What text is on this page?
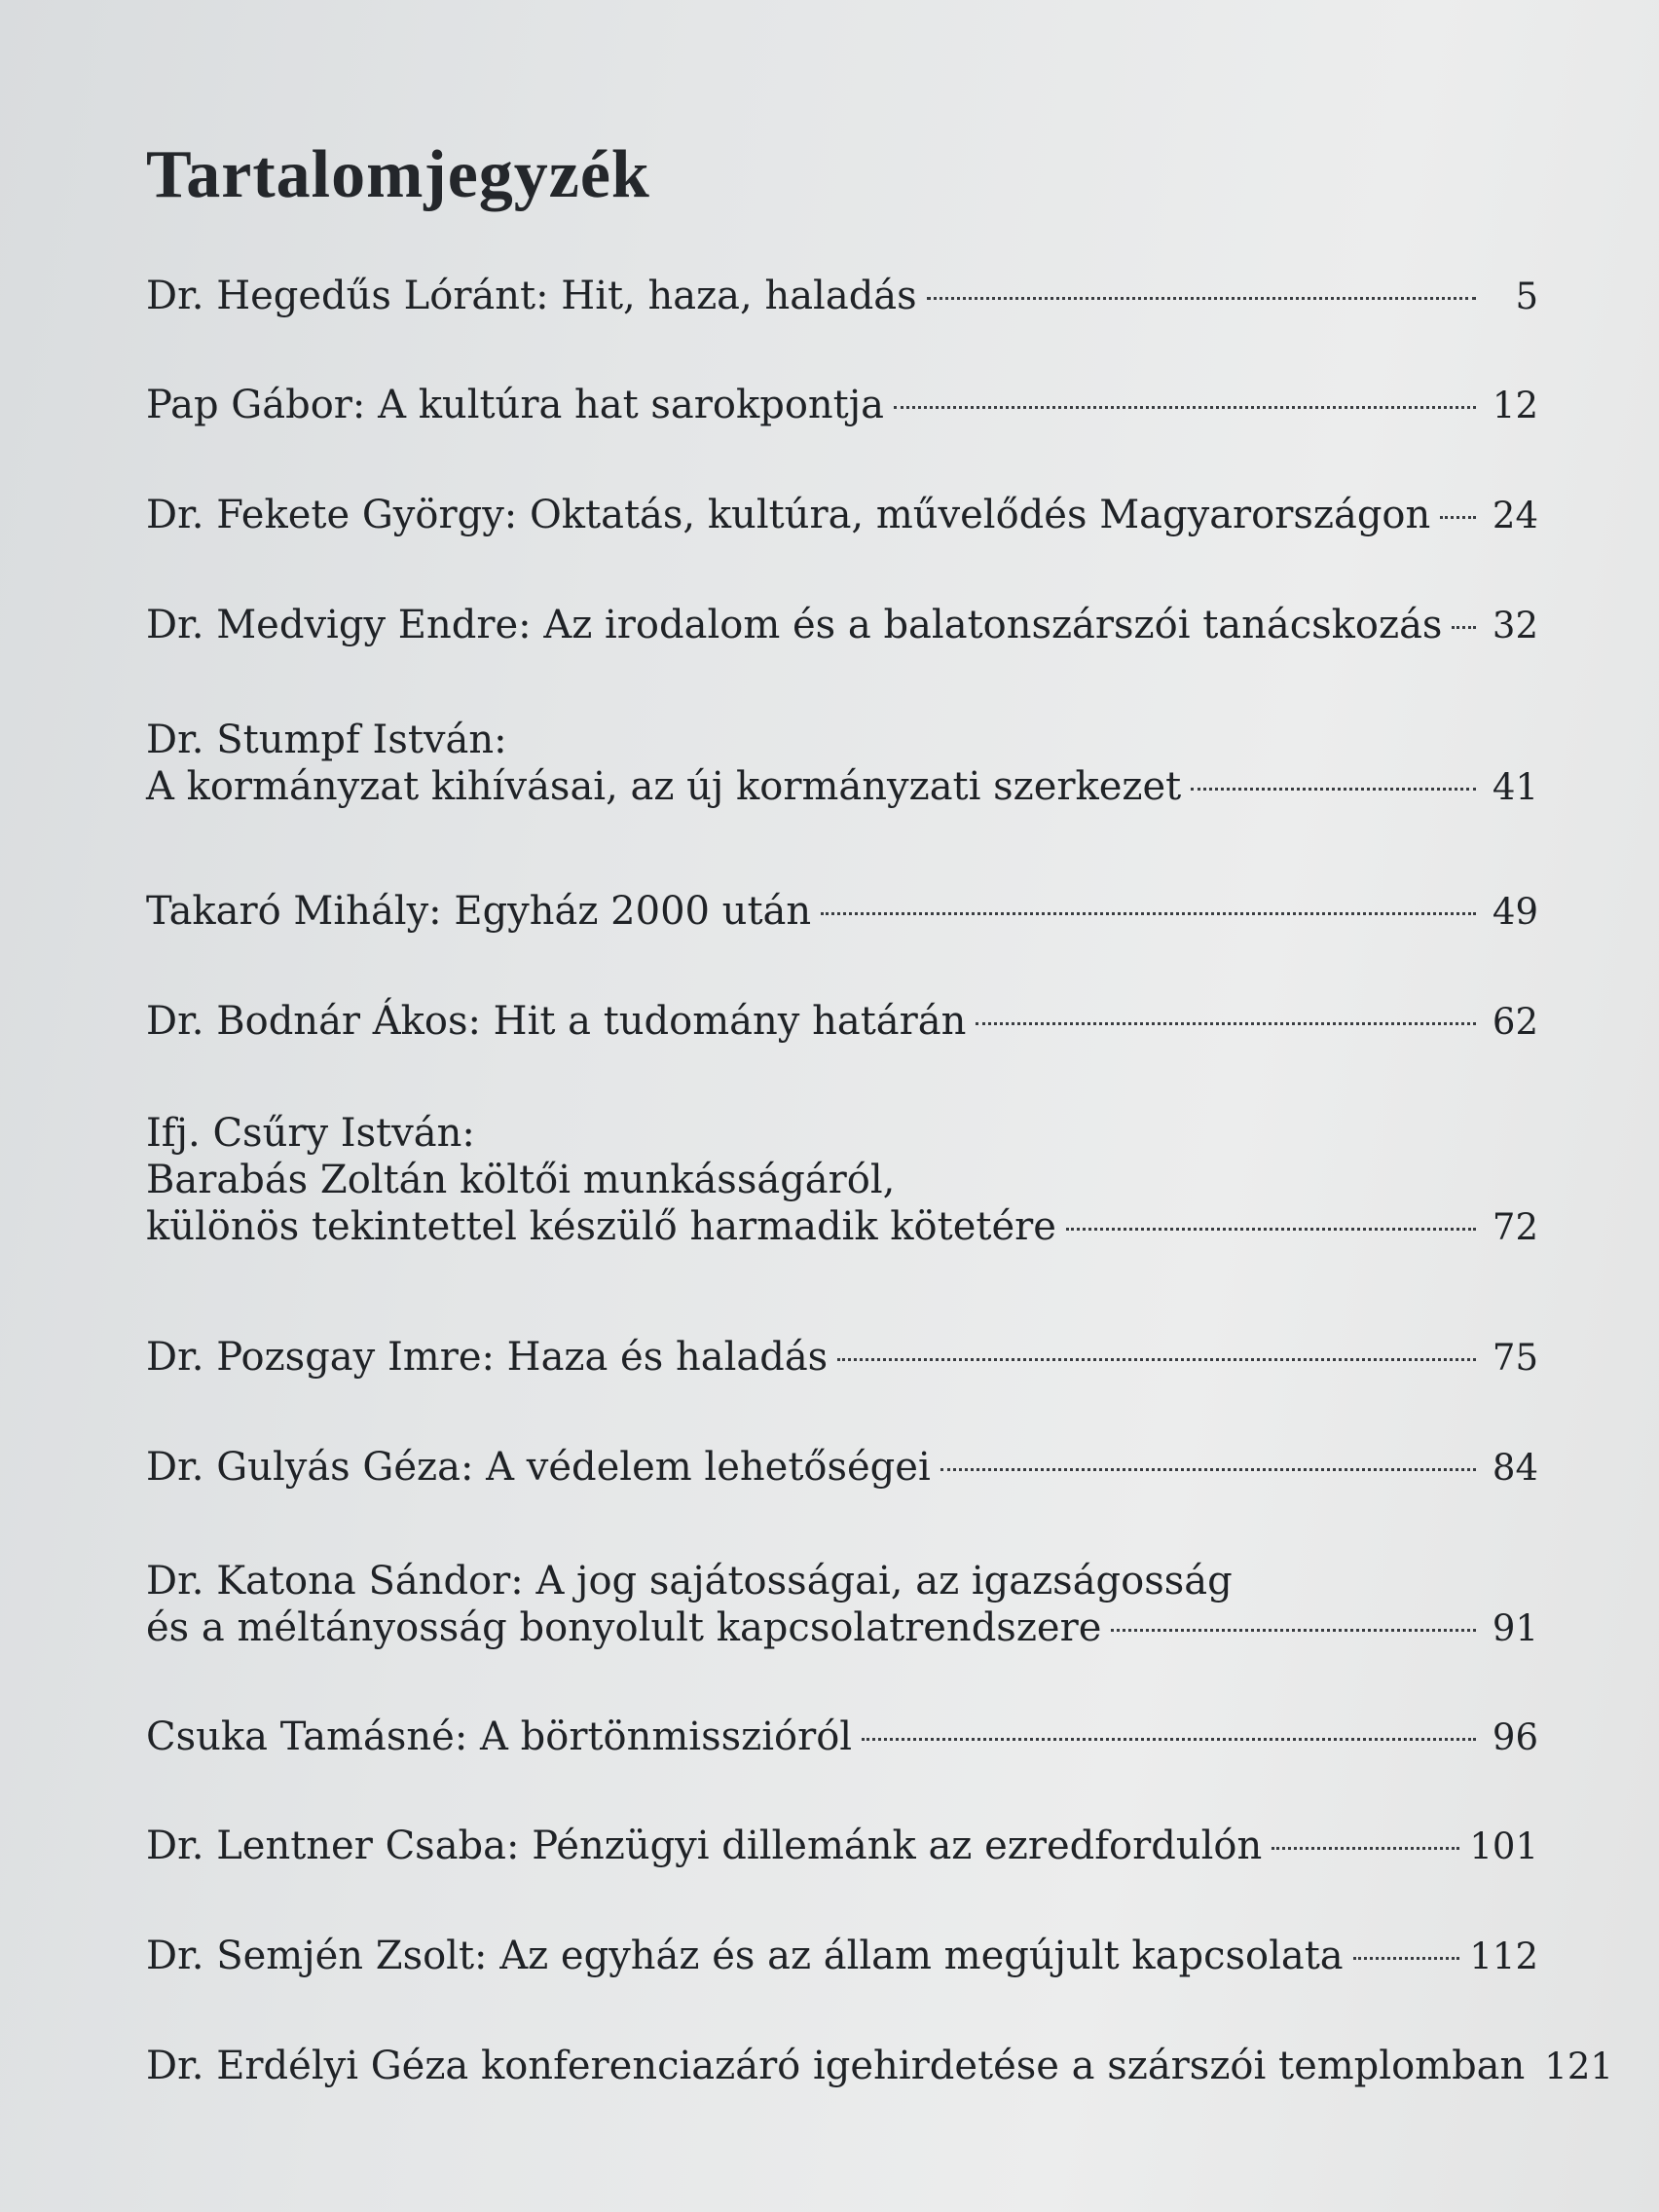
Tartalomjegyzék
Dr. Hegedűs Lóránt: Hit, haza, haladás	5
Pap Gábor: A kultúra hat sarokpontja	12
Dr. Fekete György: Oktatás, kultúra, művelődés Magyarországon 24
Dr. Medvigy Endre: Az irodalom és a balatonszárszói tanácskozás 32
Dr. Stumpf István:
A kormányzat kihívásai, az új kormányzati szerkezet	41
Takaró Mihály: Egyház 2000 után	49
Dr. Bodnár Ákos: Hit a tudomány határán	62
Ifj. Csűry István:
Barabás Zoltán költői munkásságáról,
különös tekintettel készülő harmadik kötetére	72
Dr. Pozsgay Imre: Haza és haladás	75
Dr. Gulyás Géza: A védelem lehetőségei	84
Dr. Katona Sándor: A jog sajátosságai, az igazságosság
és a méltányosság bonyolult kapcsolatrendszere	91
Csuka Tamásné: A börtönmisszióról	96
Dr. Lentner Csaba: Pénzügyi dillemánk az ezredfordulón	101
Dr. Semjén Zsolt: Az egyház és az állam megújult kapcsolata	112
Dr. Erdélyi Géza konferenciazáró igehirdetése a szárszói templomban 121
